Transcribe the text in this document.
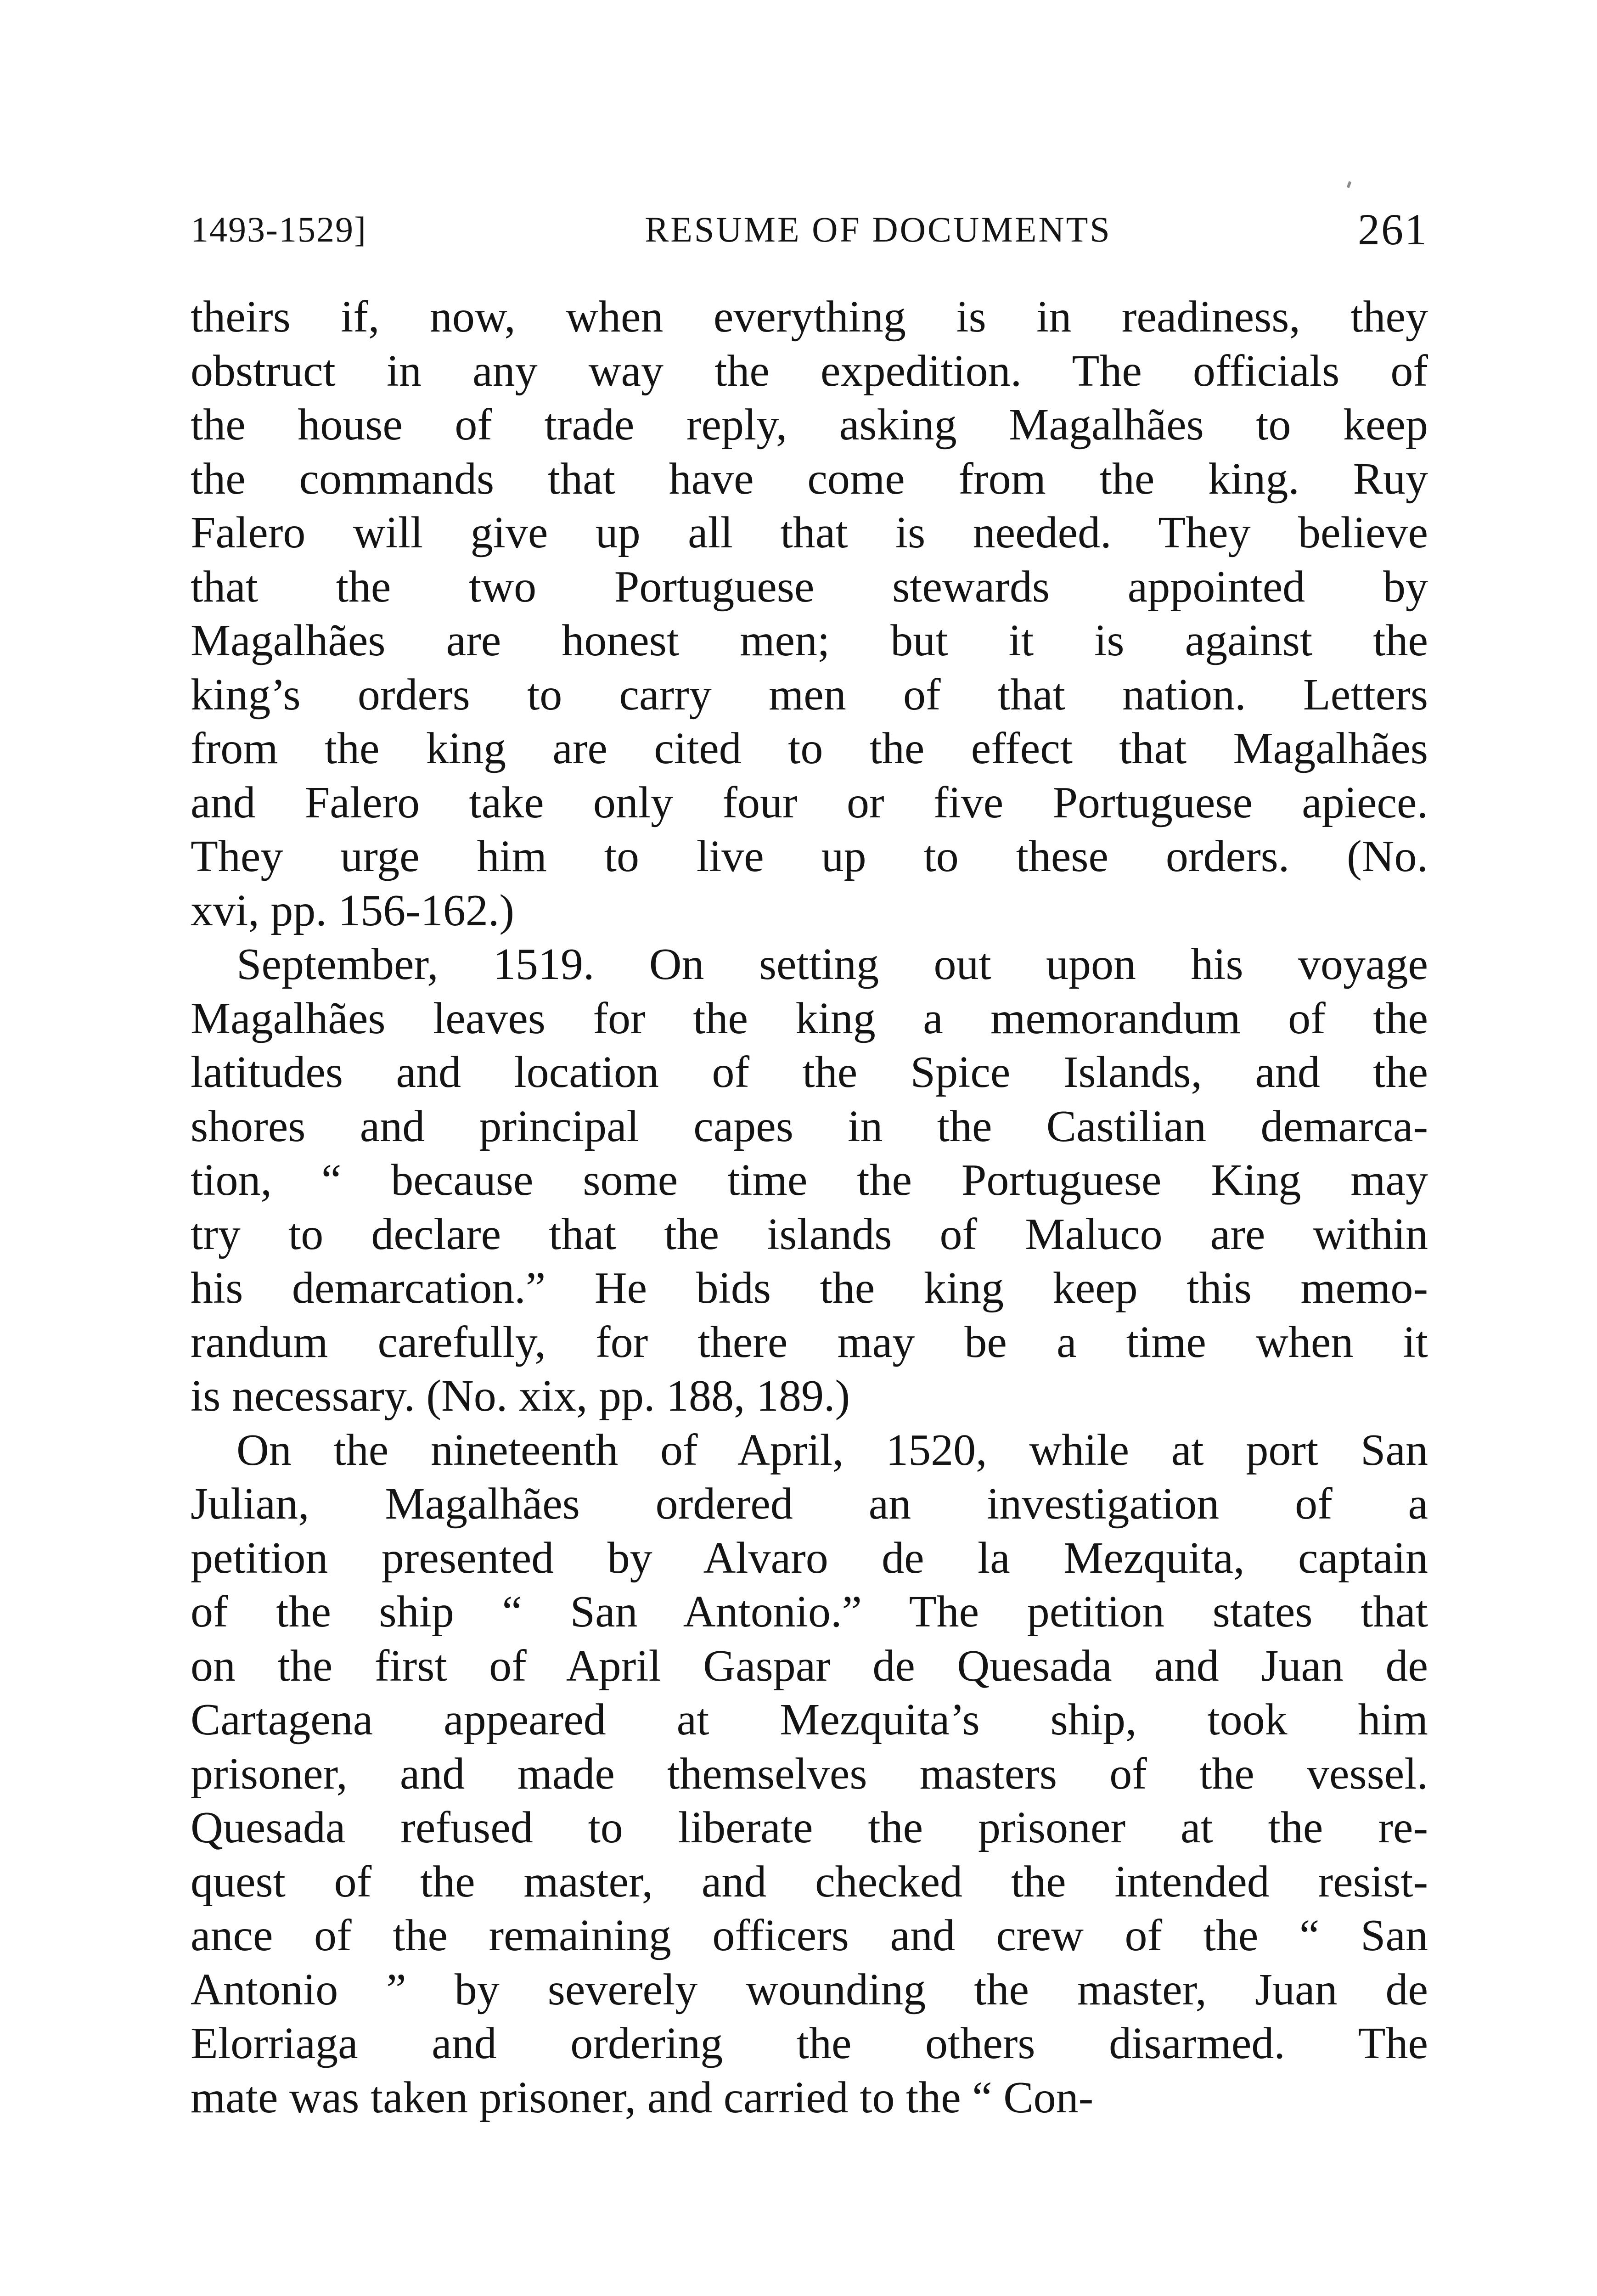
1493-1529]	RESUME OF DOCUMENTS	261
theirs if, now, when everything is in readiness, they
obstruct in any way the expedition. The officials of
the house of trade reply, asking Magalhães to keep
the commands that have come from the king. Ruy
Falero will give up all that is needed. They believe
that the two Portuguese stewards appointed by
Magalhães are honest men; but it is against the
king’s orders to carry men of that nation. Letters
from the king are cited to the effect that Magalhães
and Falero take only four or five Portuguese apiece.
They urge him to live up to these orders. (No.
xvi, pp. 156-162.)
September, 1519. On setting out upon his voyage
Magalhães leaves for the king a memorandum of the
latitudes and location of the Spice Islands, and the
shores and principal capes in the Castilian demarca-
tion, “ because some time the Portuguese King may
try to declare that the islands of Maluco are within
his demarcation.” He bids the king keep this memo-
randum carefully, for there may be a time when it
is necessary. (No. xix, pp. 188, 189.)
On the nineteenth of April, 1520, while at port San
Julian, Magalhães ordered an investigation of a
petition presented by Alvaro de la Mezquita, captain
of the ship “ San Antonio.” The petition states that
on the first of April Gaspar de Quesada and Juan de
Cartagena appeared at Mezquita’s ship, took him
prisoner, and made themselves masters of the vessel.
Quesada refused to liberate the prisoner at the re-
quest of the master, and checked the intended resist-
ance of the remaining officers and crew of the “ San
Antonio ” by severely wounding the master, Juan de
Elorriaga and ordering the others disarmed. The
mate was taken prisoner, and carried to the “ Con-
